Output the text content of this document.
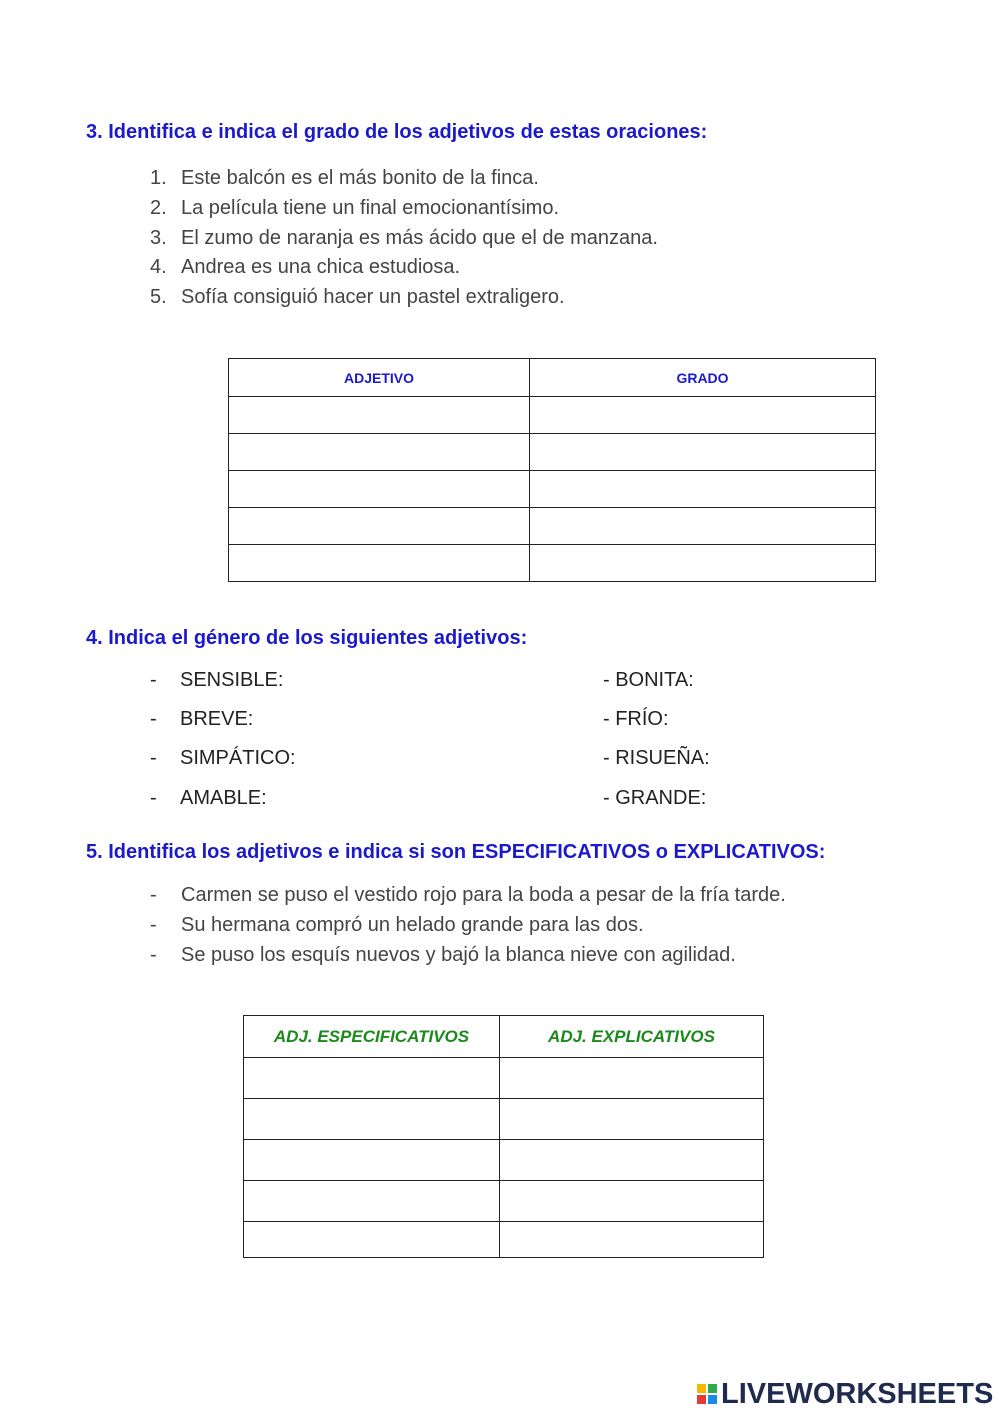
3. Identifica e indica el grado de los adjetivos de estas oraciones:
1. Este balcón es el más bonito de la finca.
2. La película tiene un final emocionantísimo.
3. El zumo de naranja es más ácido que el de manzana.
4. Andrea es una chica estudiosa.
5. Sofía consiguió hacer un pastel extraligero.
ADJETIVO	GRADO

4. Indica el género de los siguientes adjetivos:
- SENSIBLE:
- BREVE:
- SIMPÁTICO:
- AMABLE:
- BONITA:
- FRÍO:
- RISUEÑA:
- GRANDE:
5. Identifica los adjetivos e indica si son ESPECIFICATIVOS o EXPLICATIVOS:
- Carmen se puso el vestido rojo para la boda a pesar de la fría tarde.
- Su hermana compró un helado grande para las dos.
- Se puso los esquís nuevos y bajó la blanca nieve con agilidad.
ADJ. ESPECIFICATIVOS	ADJ. EXPLICATIVOS

LIVEWORKSHEETS
